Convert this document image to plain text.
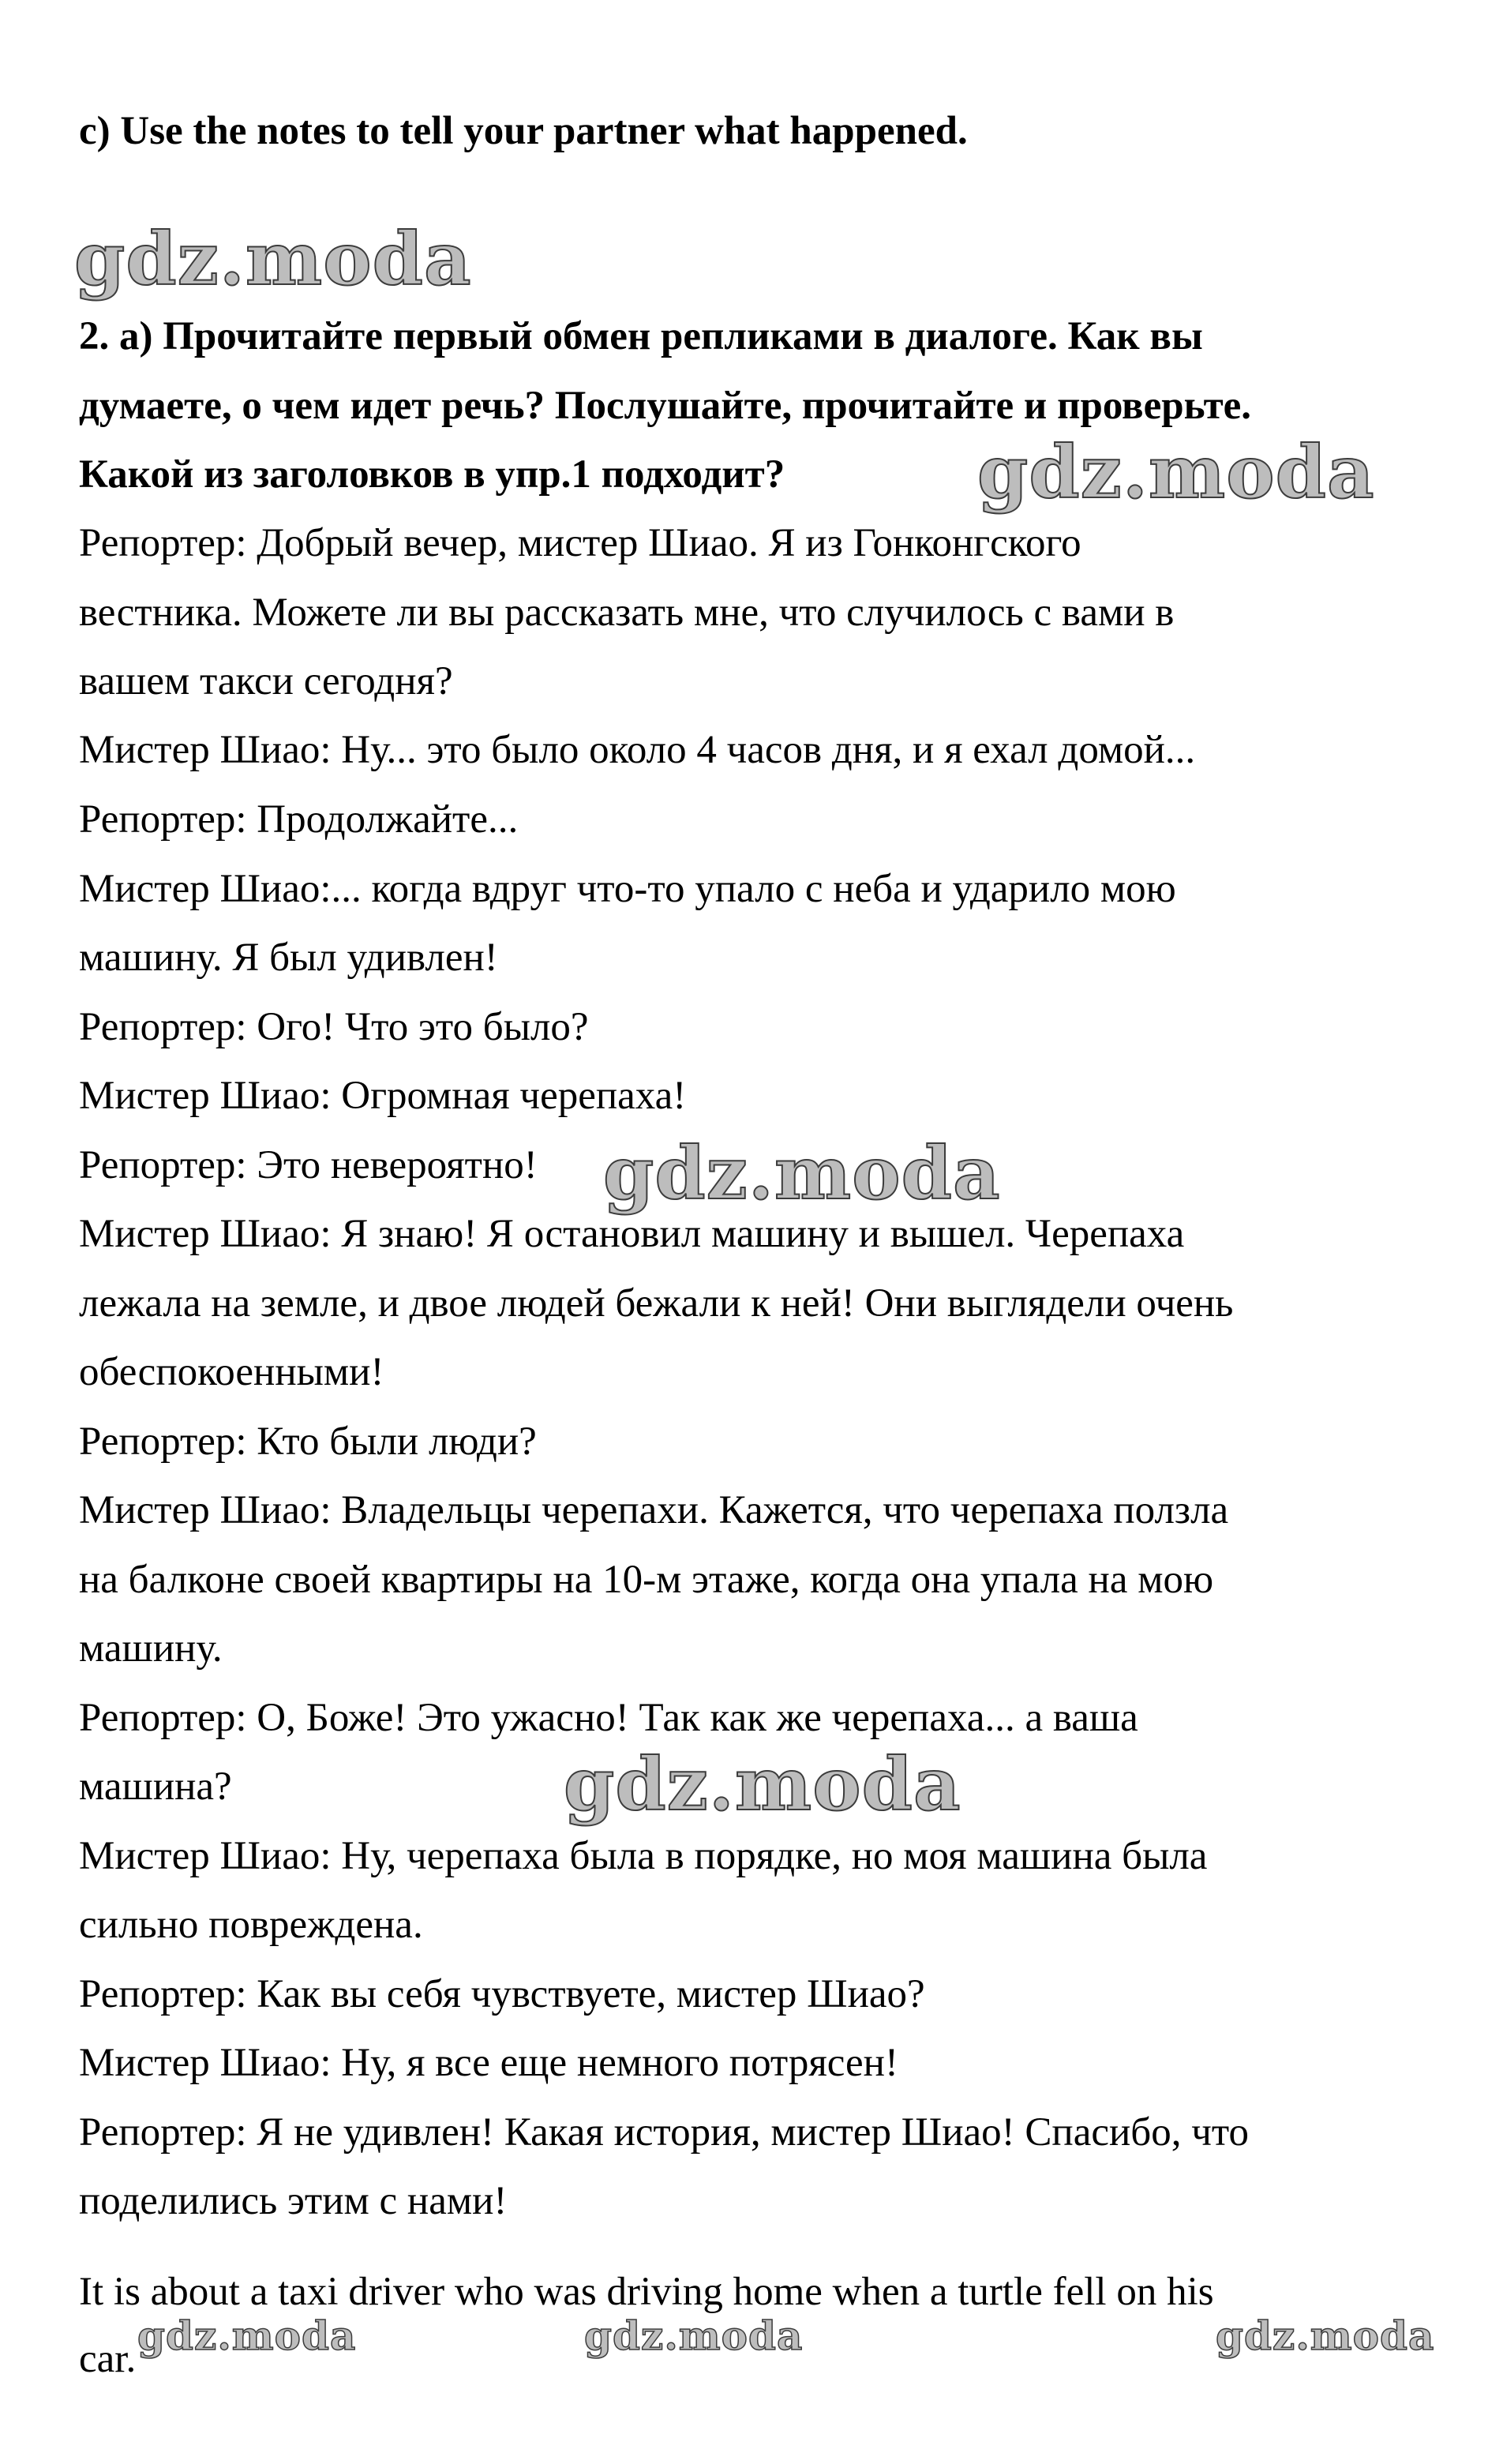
c) Use the notes to tell your partner what happened.
2. a) Прочитайте первый обмен репликами в диалоге. Как вы
думаете, о чем идет речь? Послушайте, прочитайте и проверьте.
Какой из заголовков в упр.1 подходит?
Репортер: Добрый вечер, мистер Шиао. Я из Гонконгского
вестника. Можете ли вы рассказать мне, что случилось с вами в
вашем такси сегодня?
Мистер Шиао: Ну... это было около 4 часов дня, и я ехал домой...
Репортер: Продолжайте...
Мистер Шиао:... когда вдруг что-то упало с неба и ударило мою
машину. Я был удивлен!
Репортер: Ого! Что это было?
Мистер Шиао: Огромная черепаха!
Репортер: Это невероятно!
Мистер Шиао: Я знаю! Я остановил машину и вышел. Черепаха
лежала на земле, и двое людей бежали к ней! Они выглядели очень
обеспокоенными!
Репортер: Кто были люди?
Мистер Шиао: Владельцы черепахи. Кажется, что черепаха ползла
на балконе своей квартиры на 10-м этаже, когда она упала на мою
машину.
Репортер: О, Боже! Это ужасно! Так как же черепаха... а ваша
машина?
Мистер Шиао: Ну, черепаха была в порядке, но моя машина была
сильно повреждена.
Репортер: Как вы себя чувствуете, мистер Шиао?
Мистер Шиао: Ну, я все еще немного потрясен!
Репортер: Я не удивлен! Какая история, мистер Шиао! Спасибо, что
поделились этим с нами!
It is about a taxi driver who was driving home when a turtle fell on his
car.
gdz.moda
gdz.moda
gdz.moda
gdz.moda
gdz.moda	gdz.moda	gdz.moda
